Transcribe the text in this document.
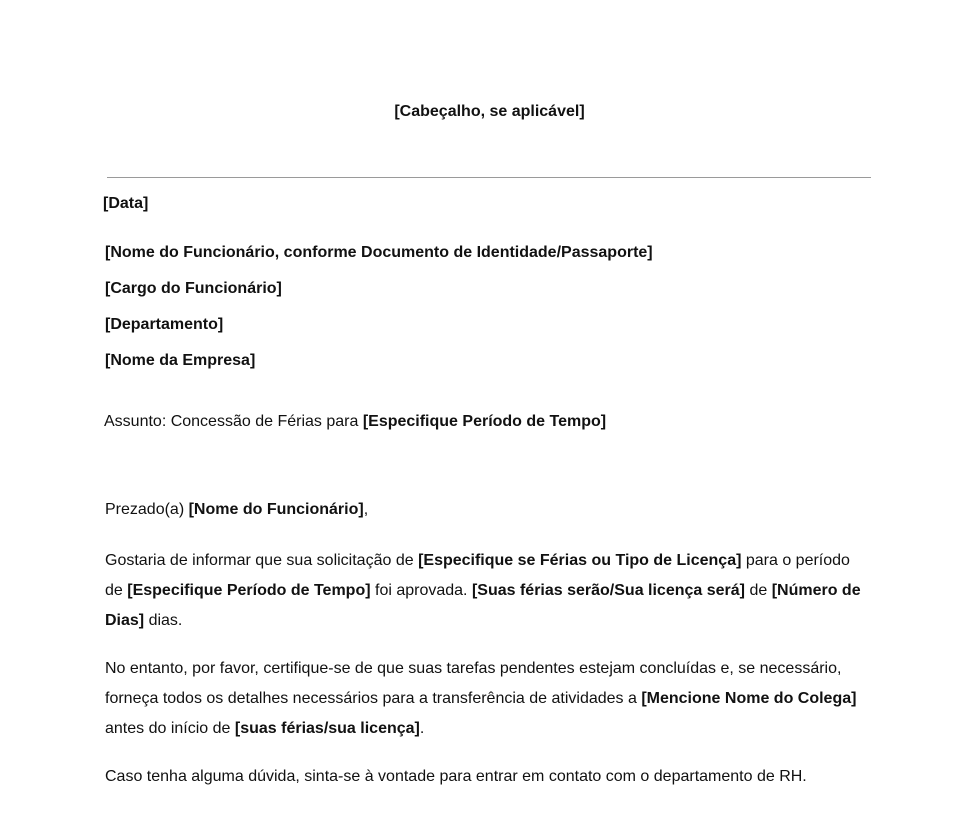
[Cabeçalho, se aplicável]
[Data]
[Nome do Funcionário, conforme Documento de Identidade/Passaporte]
[Cargo do Funcionário]
[Departamento]
[Nome da Empresa]
Assunto: Concessão de Férias para [Especifique Período de Tempo]
Prezado(a) [Nome do Funcionário],
Gostaria de informar que sua solicitação de [Especifique se Férias ou Tipo de Licença] para o período de [Especifique Período de Tempo] foi aprovada. [Suas férias serão/Sua licença será] de [Número de Dias] dias.
No entanto, por favor, certifique-se de que suas tarefas pendentes estejam concluídas e, se necessário, forneça todos os detalhes necessários para a transferência de atividades a [Mencione Nome do Colega] antes do início de [suas férias/sua licença].
Caso tenha alguma dúvida, sinta-se à vontade para entrar em contato com o departamento de RH.
